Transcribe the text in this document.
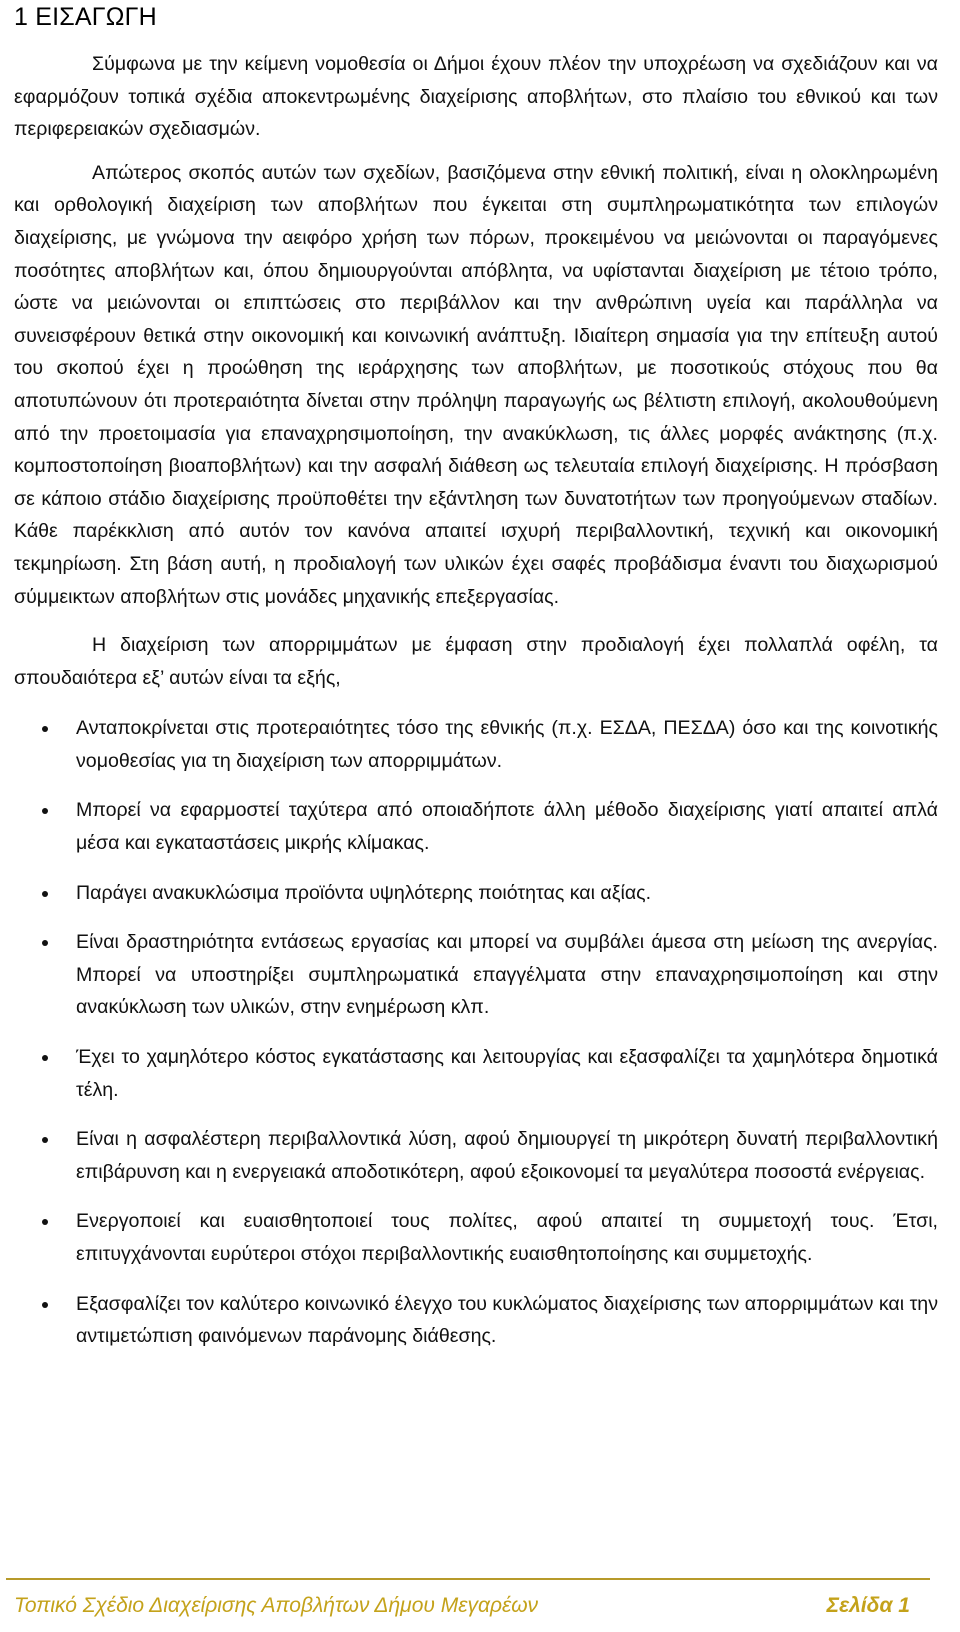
1 ΕΙΣΑΓΩΓΗ

Σύμφωνα με την κείμενη νομοθεσία οι Δήμοι έχουν πλέον την υποχρέωση να σχεδιάζουν και να εφαρμόζουν τοπικά σχέδια αποκεντρωμένης διαχείρισης αποβλήτων, στο πλαίσιο του εθνικού και των περιφερειακών σχεδιασμών.

Απώτερος σκοπός αυτών των σχεδίων, βασιζόμενα στην εθνική πολιτική, είναι η ολοκληρωμένη και ορθολογική διαχείριση των αποβλήτων που έγκειται στη συμπληρωματικότητα των επιλογών διαχείρισης, με γνώμονα την αειφόρο χρήση των πόρων, προκειμένου να μειώνονται οι παραγόμενες ποσότητες αποβλήτων και, όπου δημιουργούνται απόβλητα, να υφίστανται διαχείριση με τέτοιο τρόπο, ώστε να μειώνονται οι επιπτώσεις στο περιβάλλον και την ανθρώπινη υγεία και παράλληλα να συνεισφέρουν θετικά στην οικονομική και κοινωνική ανάπτυξη. Ιδιαίτερη σημασία για την επίτευξη αυτού του σκοπού έχει η προώθηση της ιεράρχησης των αποβλήτων, με ποσοτικούς στόχους που θα αποτυπώνουν ότι προτεραιότητα δίνεται στην πρόληψη παραγωγής ως βέλτιστη επιλογή, ακολουθούμενη από την προετοιμασία για επαναχρησιμοποίηση, την ανακύκλωση, τις άλλες μορφές ανάκτησης (π.χ. κομποστοποίηση βιοαποβλήτων) και την ασφαλή διάθεση ως τελευταία επιλογή διαχείρισης. Η πρόσβαση σε κάποιο στάδιο διαχείρισης προϋποθέτει την εξάντληση των δυνατοτήτων των προηγούμενων σταδίων. Κάθε παρέκκλιση από αυτόν τον κανόνα απαιτεί ισχυρή περιβαλλοντική, τεχνική και οικονομική τεκμηρίωση. Στη βάση αυτή, η προδιαλογή των υλικών έχει σαφές προβάδισμα έναντι του διαχωρισμού σύμμεικτων αποβλήτων στις μονάδες μηχανικής επεξεργασίας.

Η διαχείριση των απορριμμάτων με έμφαση στην προδιαλογή έχει πολλαπλά οφέλη, τα σπουδαιότερα εξ’ αυτών είναι τα εξής,

Ανταποκρίνεται στις προτεραιότητες τόσο της εθνικής (π.χ. ΕΣΔΑ, ΠΕΣΔΑ) όσο και της κοινοτικής νομοθεσίας για τη διαχείριση των απορριμμάτων.
Μπορεί να εφαρμοστεί ταχύτερα από οποιαδήποτε άλλη μέθοδο διαχείρισης γιατί απαιτεί απλά μέσα και εγκαταστάσεις μικρής κλίμακας.
Παράγει ανακυκλώσιμα προϊόντα υψηλότερης ποιότητας και αξίας.
Είναι δραστηριότητα εντάσεως εργασίας και μπορεί να συμβάλει άμεσα στη μείωση της ανεργίας. Μπορεί να υποστηρίξει συμπληρωματικά επαγγέλματα στην επαναχρησιμοποίηση και στην ανακύκλωση των υλικών, στην ενημέρωση κλπ.
Έχει το χαμηλότερο κόστος εγκατάστασης και λειτουργίας και εξασφαλίζει τα χαμηλότερα δημοτικά τέλη.
Είναι η ασφαλέστερη περιβαλλοντικά λύση, αφού δημιουργεί τη μικρότερη δυνατή περιβαλλοντική επιβάρυνση και η ενεργειακά αποδοτικότερη, αφού εξοικονομεί τα μεγαλύτερα ποσοστά ενέργειας.
Ενεργοποιεί και ευαισθητοποιεί τους πολίτες, αφού απαιτεί τη συμμετοχή τους. Έτσι, επιτυγχάνονται ευρύτεροι στόχοι περιβαλλοντικής ευαισθητοποίησης και συμμετοχής.
Εξασφαλίζει τον καλύτερο κοινωνικό έλεγχο του κυκλώματος διαχείρισης των απορριμμάτων και την αντιμετώπιση φαινόμενων παράνομης διάθεσης.
Τοπικό Σχέδιο Διαχείρισης Αποβλήτων Δήμου Μεγαρέων	Σελίδα 1
